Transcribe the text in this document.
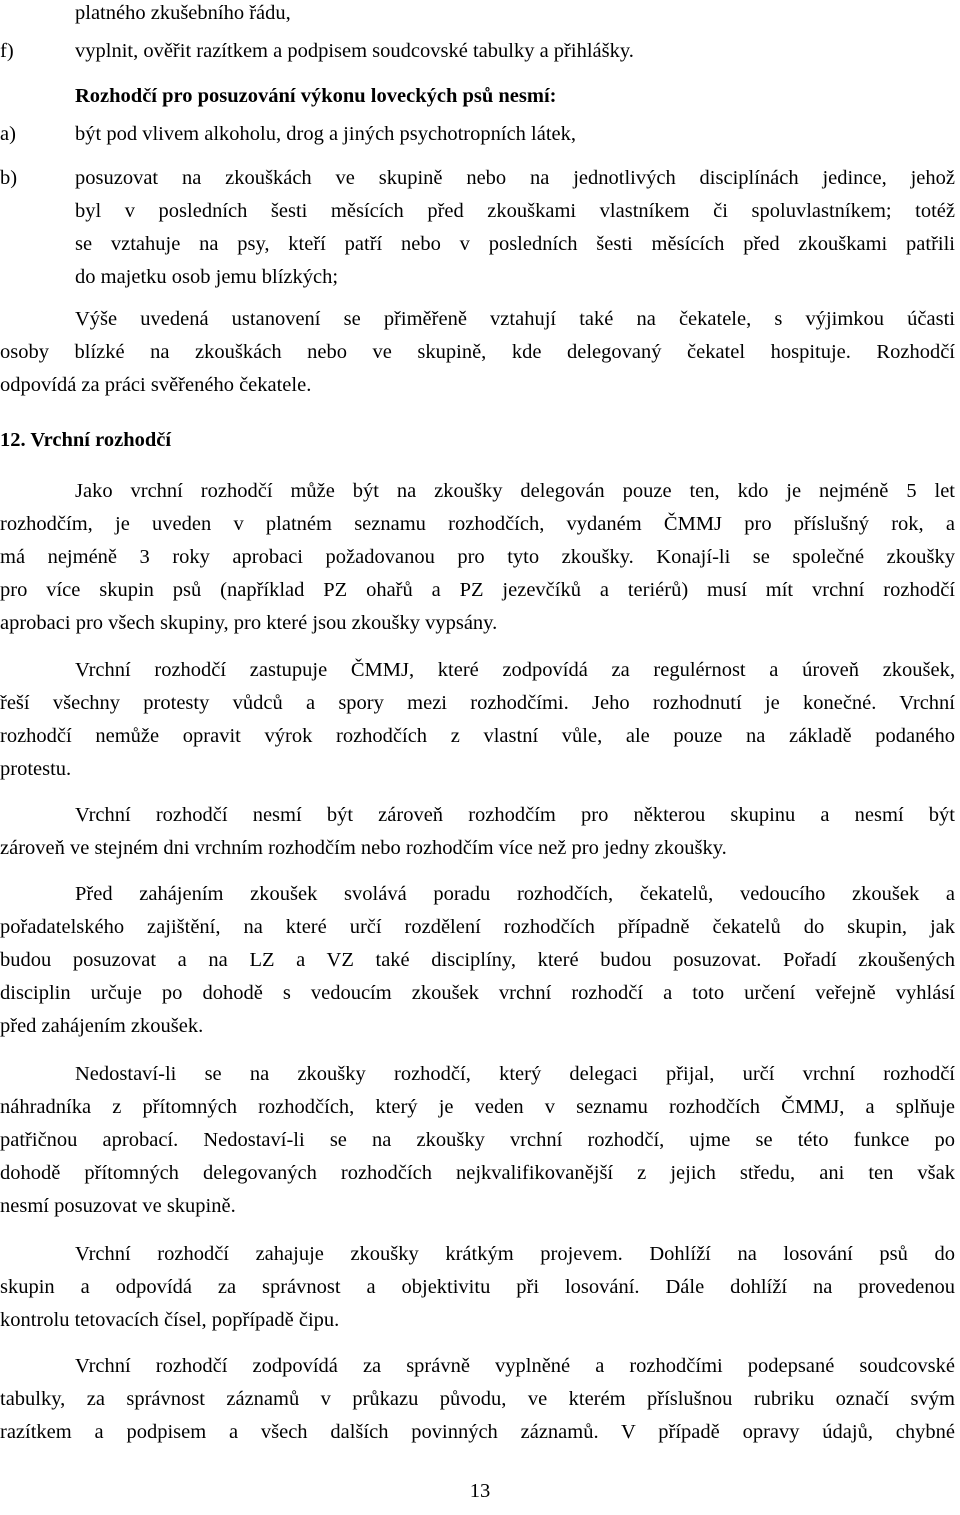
platného zkušebního řádu,
f)	vyplnit, ověřit razítkem a podpisem soudcovské tabulky a přihlášky.
Rozhodčí pro posuzování výkonu loveckých psů nesmí:
a)	být pod vlivem alkoholu, drog a jiných psychotropních látek,
b)	posuzovat na zkouškách ve skupině nebo na jednotlivých disciplínách jedince, jehož
byl v posledních šesti měsících před zkouškami vlastníkem či spoluvlastníkem; totéž
se vztahuje na psy, kteří patří nebo v posledních šesti měsících před zkouškami patřili
do majetku osob jemu blízkých;
Výše uvedená ustanovení se přiměřeně vztahují také na čekatele, s výjimkou účasti
osoby blízké na zkouškách nebo ve skupině, kde delegovaný čekatel hospituje. Rozhodčí
odpovídá za práci svěřeného čekatele.
12. Vrchní rozhodčí
Jako vrchní rozhodčí může být na zkoušky delegován pouze ten, kdo je nejméně 5 let
rozhodčím, je uveden v platném seznamu rozhodčích, vydaném ČMMJ pro příslušný rok, a
má nejméně 3 roky aprobaci požadovanou pro tyto zkoušky. Konají-li se společné zkoušky
pro více skupin psů (například PZ ohařů a PZ jezevčíků a teriérů) musí mít vrchní rozhodčí
aprobaci pro všech skupiny, pro které jsou zkoušky vypsány.
Vrchní rozhodčí zastupuje ČMMJ, které zodpovídá za regulérnost a úroveň zkoušek,
řeší všechny protesty vůdců a spory mezi rozhodčími. Jeho rozhodnutí je konečné. Vrchní
rozhodčí nemůže opravit výrok rozhodčích z vlastní vůle, ale pouze na základě podaného
protestu.
Vrchní rozhodčí nesmí být zároveň rozhodčím pro některou skupinu a nesmí být
zároveň ve stejném dni vrchním rozhodčím nebo rozhodčím více než pro jedny zkoušky.
Před zahájením zkoušek svolává poradu rozhodčích, čekatelů, vedoucího zkoušek a
pořadatelského zajištění, na které určí rozdělení rozhodčích případně čekatelů do skupin, jak
budou posuzovat a na LZ a VZ také disciplíny, které budou posuzovat. Pořadí zkoušených
disciplin určuje po dohodě s vedoucím zkoušek vrchní rozhodčí a toto určení veřejně vyhlásí
před zahájením zkoušek.
Nedostaví-li se na zkoušky rozhodčí, který delegaci přijal, určí vrchní rozhodčí
náhradníka z přítomných rozhodčích, který je veden v seznamu rozhodčích ČMMJ, a splňuje
patřičnou aprobací. Nedostaví-li se na zkoušky vrchní rozhodčí, ujme se této funkce po
dohodě přítomných delegovaných rozhodčích nejkvalifikovanější z jejich středu, ani ten však
nesmí posuzovat ve skupině.
Vrchní rozhodčí zahajuje zkoušky krátkým projevem. Dohlíží na losování psů do
skupin a odpovídá za správnost a objektivitu při losování. Dále dohlíží na provedenou
kontrolu tetovacích čísel, popřípadě čipu.
Vrchní rozhodčí zodpovídá za správně vyplněné a rozhodčími podepsané soudcovské
tabulky, za správnost záznamů v průkazu původu, ve kterém příslušnou rubriku označí svým
razítkem a podpisem a všech dalších povinných záznamů. V případě opravy údajů, chybné
13
